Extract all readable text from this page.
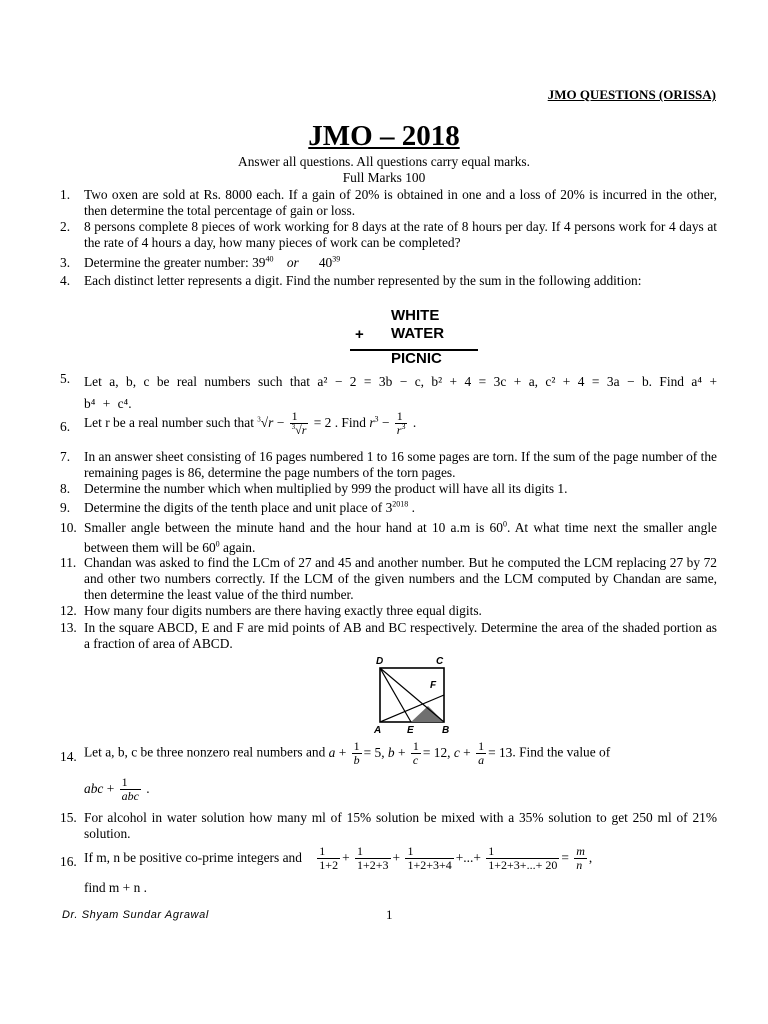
JMO QUESTIONS (ORISSA)
JMO – 2018
Answer all questions. All questions carry equal marks.
Full Marks 100
1.	Two oxen are sold at Rs. 8000 each. If a gain of 20% is obtained in one and a loss of 20% is incurred in the other, then determine the total percentage of gain or loss.
2.	8 persons complete 8 pieces of work working for 8 days at the rate of 8 hours per day. If 4 persons work for 4 days at the rate of 4 hours a day, how many pieces of work can be completed?
3.	Determine the greater number: $39^{40}$ or $40^{39}$
4.	Each distinct letter represents a digit. Find the number represented by the sum in the following addition:
WHITE
+ WATER
PICNIC
5.	Let a, b, c be real numbers such that a² − 2 = 3b − c, b² + 4 = 3c + a, c² + 4 = 3a − b. Find a⁴ + b⁴ + c⁴.
6.	Let r be a real number such that $^3√r - \frac{1}{^3√r} = 2$ . Find $r^3 - \frac{1}{r^3}$ .
7.	In an answer sheet consisting of 16 pages numbered 1 to 16 some pages are torn. If the sum of the page number of the remaining pages is 86, determine the page numbers of the torn pages.
8.	Determine the number which when multiplied by 999 the product will have all its digits 1.
9.	Determine the digits of the tenth place and unit place of $3^{2018}$ .
10. Smaller angle between the minute hand and the hour hand at 10 a.m is $60^0$. At what time next the smaller angle between them will be $60^0$ again.
11. Chandan was asked to find the LCm of 27 and 45 and another number. But he computed the LCM replacing 27 by 72 and other two numbers correctly. If the LCM of the given numbers and the LCM computed by Chandan are same, then determine the least value of the third number.
12. How many four digits numbers are there having exactly three equal digits.
13. In the square ABCD, E and F are mid points of AB and BC respectively. Determine the area of the shaded portion as a fraction of area of ABCD.
D	C
F
A	E	B
14. Let a, b, c be three nonzero real numbers and $a + \frac{1}{b} = 5$, $b + \frac{1}{c} = 12$, $c + \frac{1}{a} = 13$. Find the value of
abc + $\frac{1}{\text{abc}}$ .
15. For alcohol in water solution how many ml of 15% solution be mixed with a 35% solution to get 250 ml of 21% solution.
16. If m, n be positive co-prime integers and $\frac{1}{1+2} + \frac{1}{1+2+3} + \frac{1}{1+2+3+4}$ +...+ $\frac{1}{1+2+3+...+ 20} = \frac{m}{n}$ ,
find m + n .
Dr. Shyam Sundar Agrawal	1
